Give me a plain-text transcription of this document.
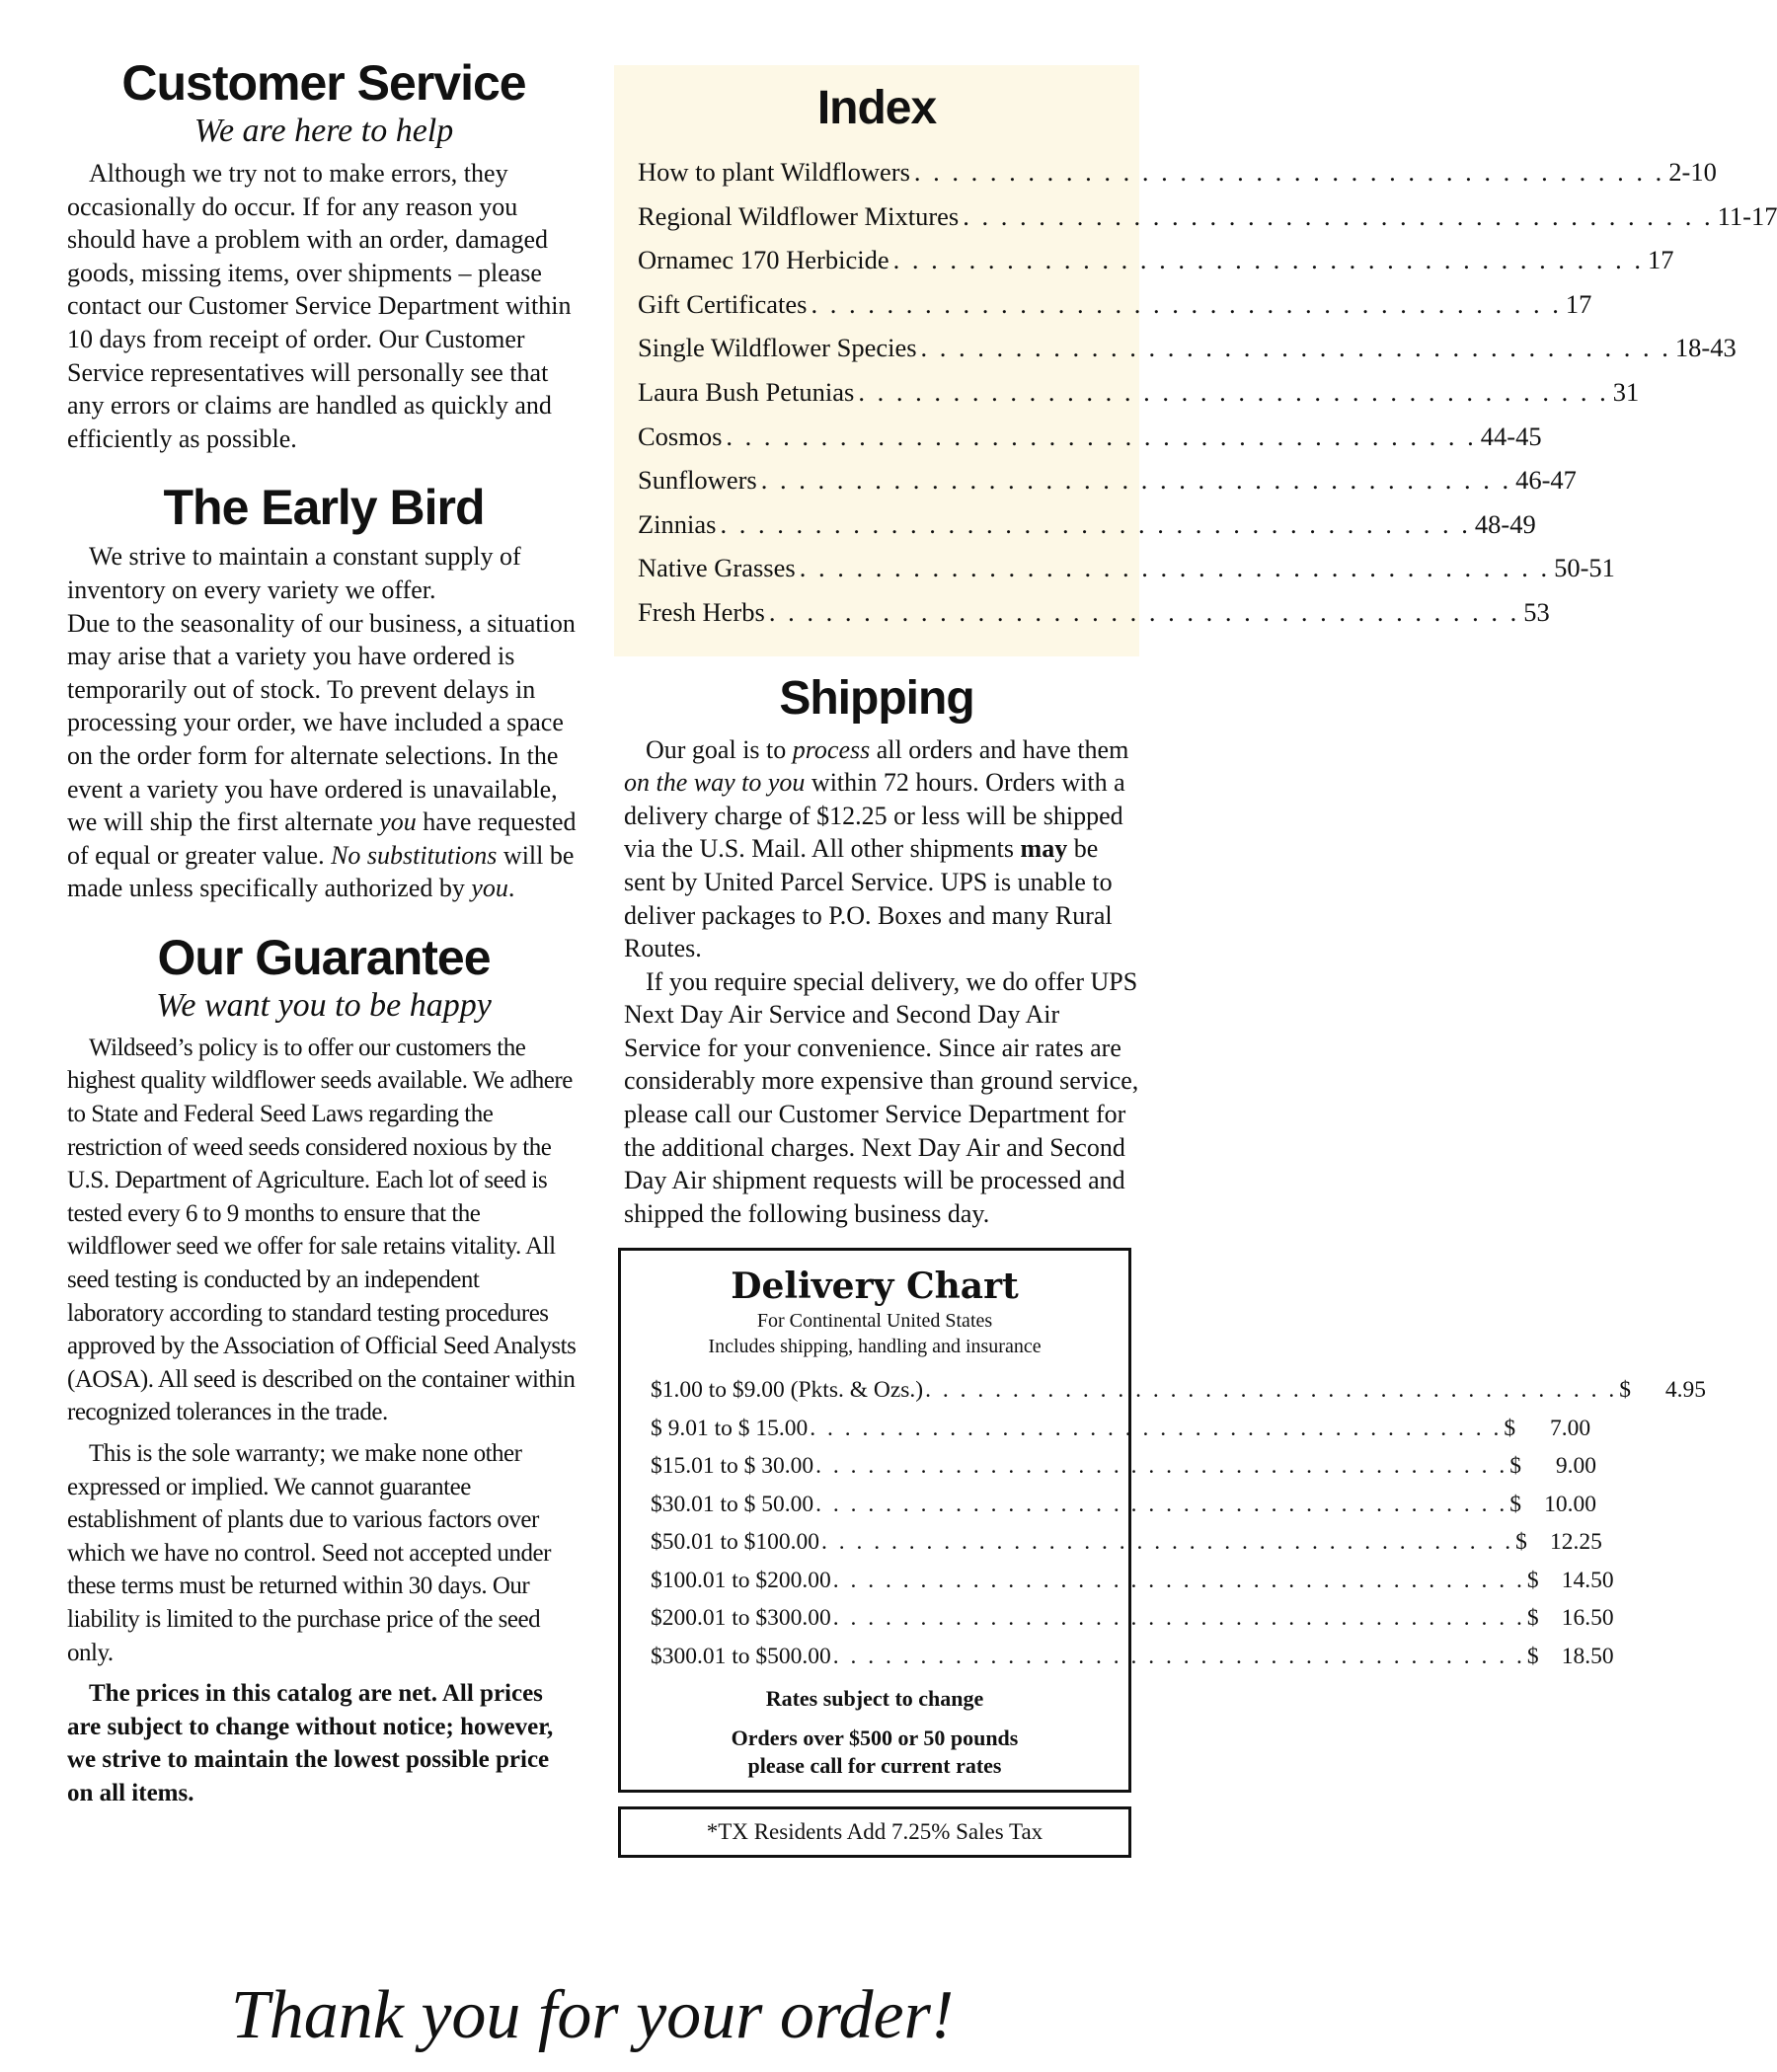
Customer Service
We are here to help

Although we try not to make errors, they occasionally do occur. If for any reason you should have a problem with an order, damaged goods, missing items, over shipments – please contact our Customer Service Department within 10 days from receipt of order. Our Customer Service representatives will personally see that any errors or claims are handled as quickly and efficiently as possible.

The Early Bird

We strive to maintain a constant supply of inventory on every variety we offer.

Due to the seasonality of our business, a situation may arise that a variety you have ordered is temporarily out of stock. To prevent delays in processing your order, we have included a space on the order form for alternate selections. In the event a variety you have ordered is unavailable, we will ship the first alternate you have requested of equal or greater value. No substitutions will be made unless specifically authorized by you.

Our Guarantee
We want you to be happy

Wildseed’s policy is to offer our customers the highest quality wildflower seeds available. We adhere to State and Federal Seed Laws regarding the restriction of weed seeds considered noxious by the U.S. Department of Agriculture. Each lot of seed is tested every 6 to 9 months to ensure that the wildflower seed we offer for sale retains vitality. All seed testing is conducted by an independent laboratory according to standard testing procedures approved by the Association of Official Seed Analysts (AOSA). All seed is described on the container within recognized tolerances in the trade.

This is the sole warranty; we make none other expressed or implied. We cannot guarantee establishment of plants due to various factors over which we have no control. Seed not accepted under these terms must be returned within 30 days. Our liability is limited to the purchase price of the seed only.

The prices in this catalog are net. All prices are subject to change without notice; however, we strive to maintain the lowest possible price on all items.

Index
How to plant Wildflowers . . . . . . . . . . . . . . . . . . . . . . . . . . . . . . . . . . . . . . . . 2-10
Regional Wildflower Mixtures . . . . . . . . . . . . . . . . . . . . . . . . . . . . . . . . . . . . . . . . 11-17
Ornamec 170 Herbicide . . . . . . . . . . . . . . . . . . . . . . . . . . . . . . . . . . . . . . . . 17
Gift Certificates . . . . . . . . . . . . . . . . . . . . . . . . . . . . . . . . . . . . . . . . 17
Single Wildflower Species . . . . . . . . . . . . . . . . . . . . . . . . . . . . . . . . . . . . . . . . 18-43
Laura Bush Petunias . . . . . . . . . . . . . . . . . . . . . . . . . . . . . . . . . . . . . . . . 31
Cosmos . . . . . . . . . . . . . . . . . . . . . . . . . . . . . . . . . . . . . . . . 44-45
Sunflowers . . . . . . . . . . . . . . . . . . . . . . . . . . . . . . . . . . . . . . . . 46-47
Zinnias . . . . . . . . . . . . . . . . . . . . . . . . . . . . . . . . . . . . . . . . 48-49
Native Grasses . . . . . . . . . . . . . . . . . . . . . . . . . . . . . . . . . . . . . . . . 50-51
Fresh Herbs . . . . . . . . . . . . . . . . . . . . . . . . . . . . . . . . . . . . . . . . 53
Shipping

Our goal is to process all orders and have them on the way to you within 72 hours. Orders with a delivery charge of $12.25 or less will be shipped via the U.S. Mail. All other shipments may be sent by United Parcel Service. UPS is unable to deliver packages to P.O. Boxes and many Rural Routes.

If you require special delivery, we do offer UPS Next Day Air Service and Second Day Air Service for your convenience. Since air rates are considerably more expensive than ground service, please call our Customer Service Department for the additional charges. Next Day Air and Second Day Air shipment requests will be processed and shipped the following business day.

Delivery Chart
For Continental United States
Includes shipping, handling and insurance
$1.00 to $9.00 (Pkts. & Ozs.) . . . . . . . . . . . . . . . . . . . . . . . . . . . . . . . . . . . . . . . . $	4.95
$ 9.01 to $ 15.00 . . . . . . . . . . . . . . . . . . . . . . . . . . . . . . . . . . . . . . . . $	7.00
$15.01 to $ 30.00 . . . . . . . . . . . . . . . . . . . . . . . . . . . . . . . . . . . . . . . . $	9.00
$30.01 to $ 50.00 . . . . . . . . . . . . . . . . . . . . . . . . . . . . . . . . . . . . . . . . $ 10.00
$50.01 to $100.00 . . . . . . . . . . . . . . . . . . . . . . . . . . . . . . . . . . . . . . . . $ 12.25
$100.01 to $200.00 . . . . . . . . . . . . . . . . . . . . . . . . . . . . . . . . . . . . . . . . $ 14.50
$200.01 to $300.00 . . . . . . . . . . . . . . . . . . . . . . . . . . . . . . . . . . . . . . . . $ 16.50
$300.01 to $500.00 . . . . . . . . . . . . . . . . . . . . . . . . . . . . . . . . . . . . . . . . $ 18.50
Rates subject to change
Orders over $500 or 50 pounds
please call for current rates
*TX Residents Add 7.25% Sales Tax
Thank you for your order!
